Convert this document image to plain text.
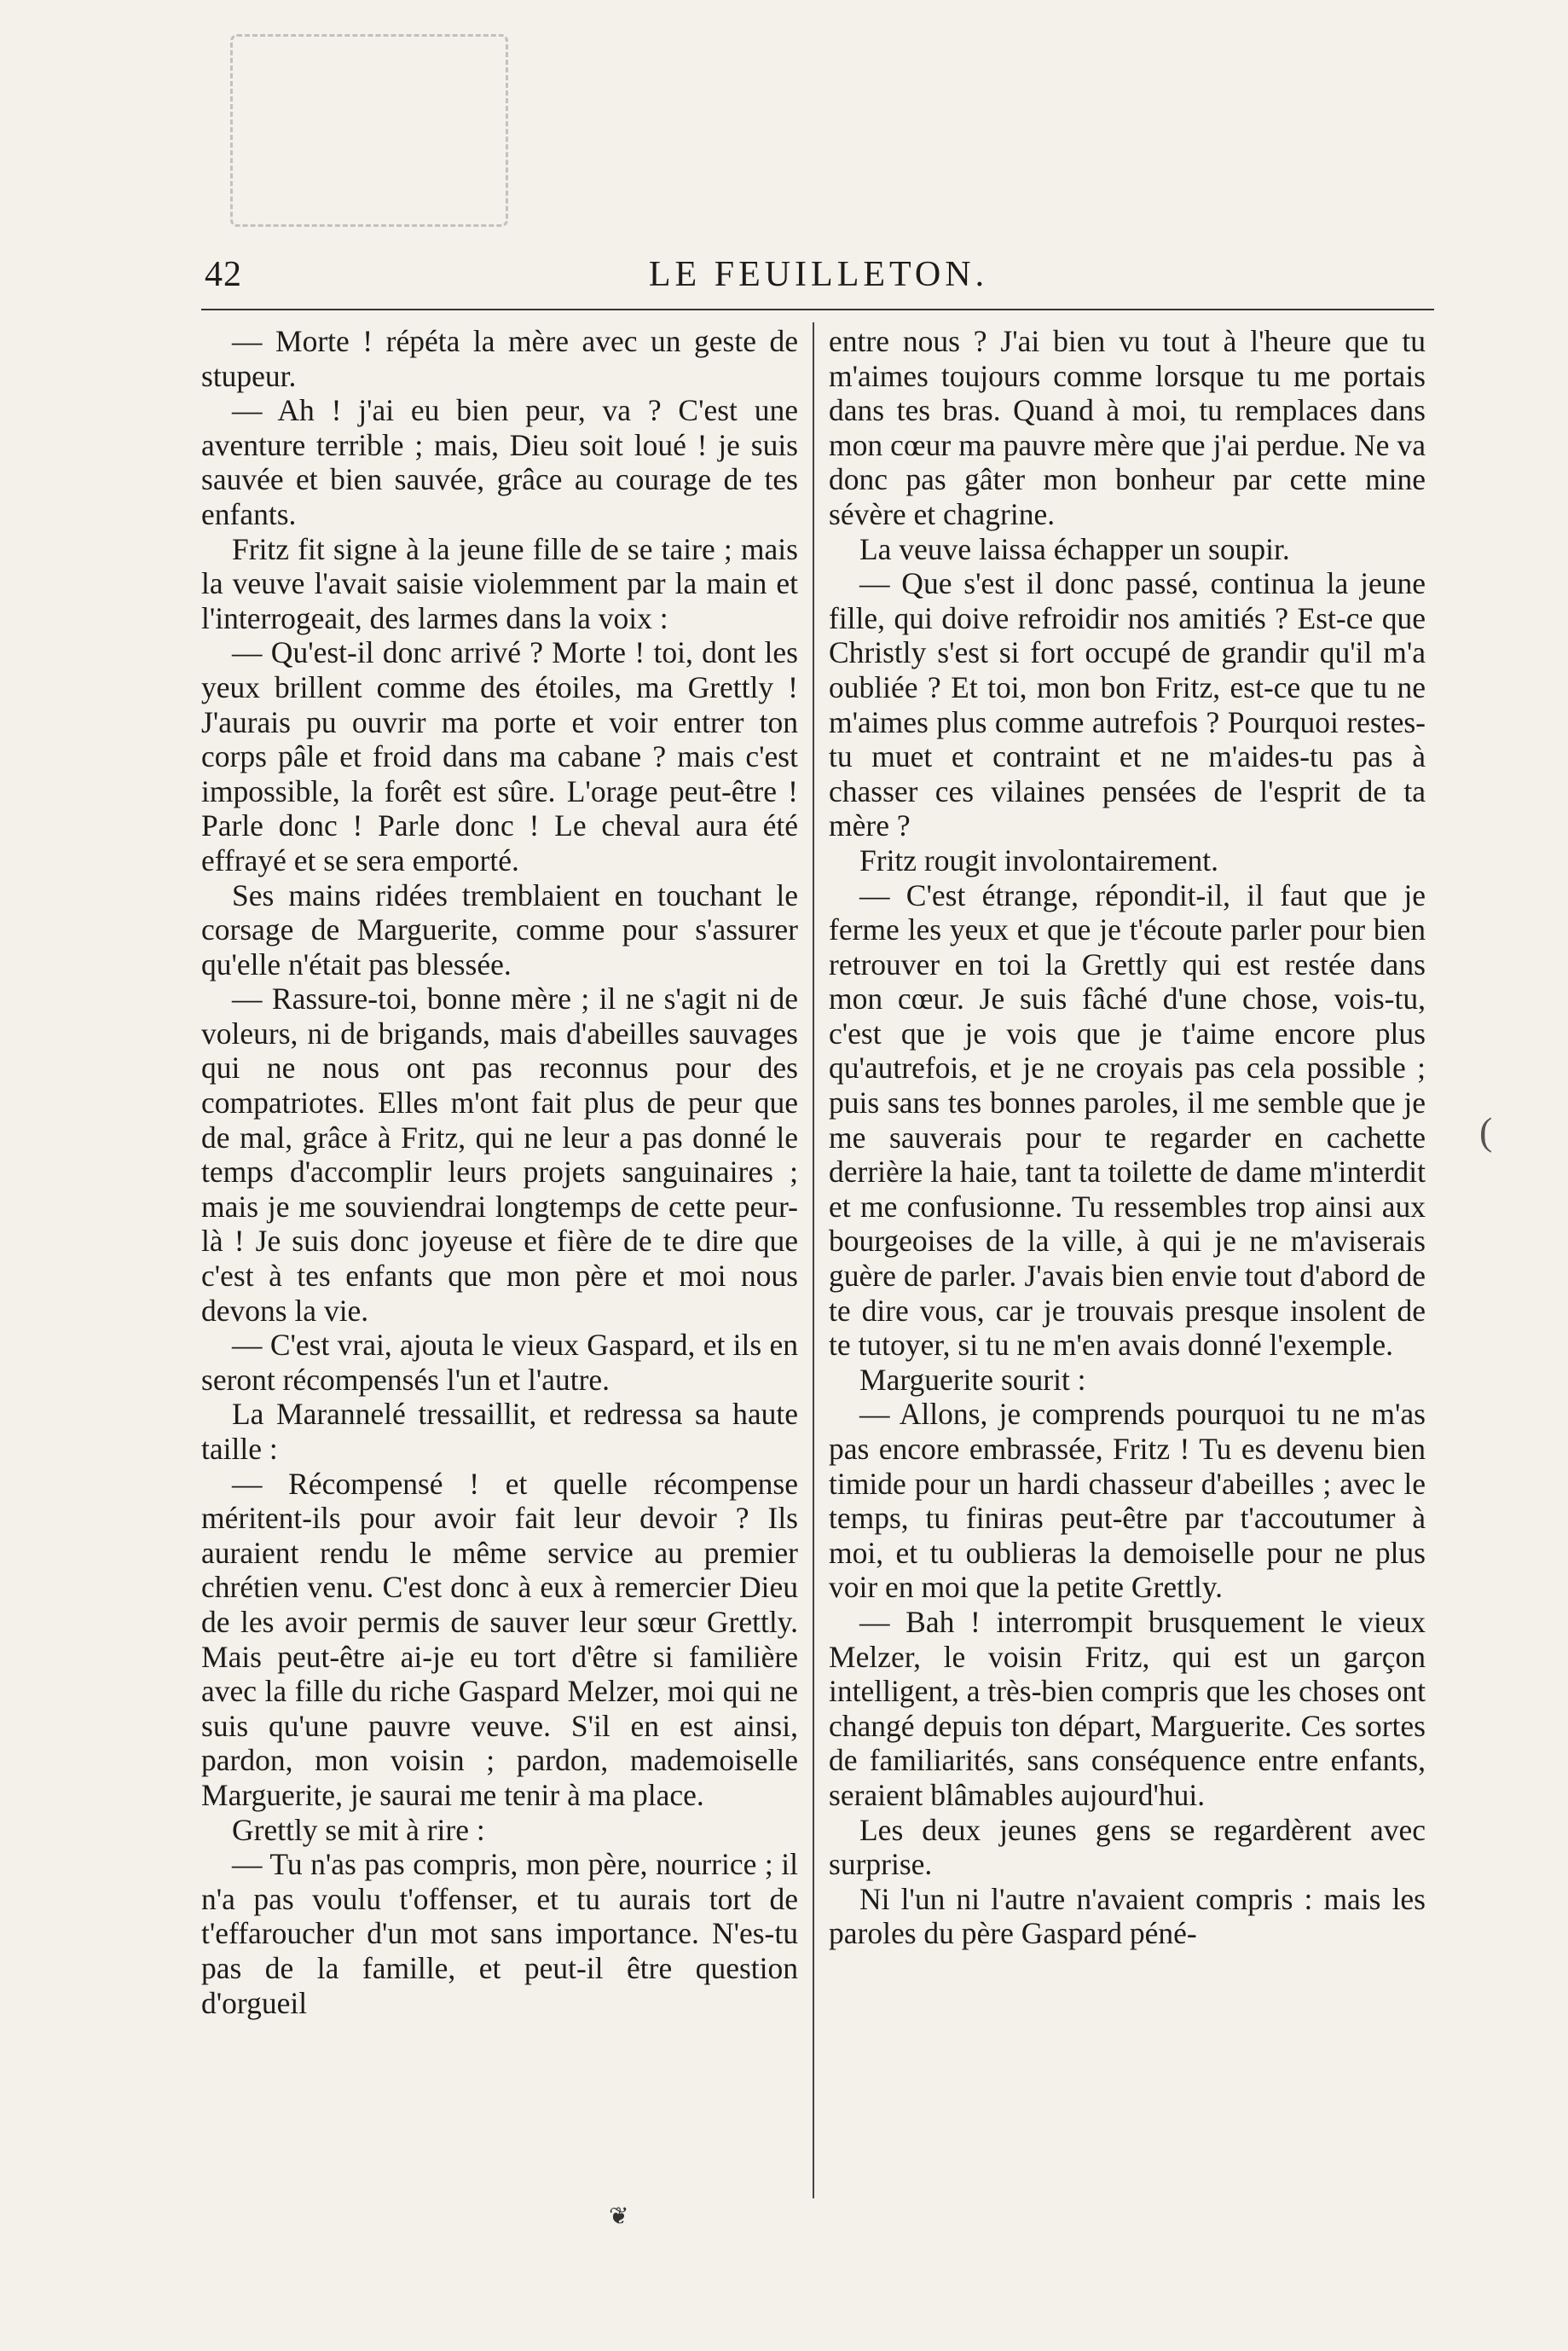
42	LE FEUILLETON.

— Morte ! répéta la mère avec un geste de stupeur.

— Ah ! j'ai eu bien peur, va ? C'est une aventure terrible ; mais, Dieu soit loué ! je suis sauvée et bien sauvée, grâce au courage de tes enfants.

Fritz fit signe à la jeune fille de se taire ; mais la veuve l'avait saisie violemment par la main et l'interrogeait, des larmes dans la voix :

— Qu'est-il donc arrivé ? Morte ! toi, dont les yeux brillent comme des étoiles, ma Grettly ! J'aurais pu ouvrir ma porte et voir entrer ton corps pâle et froid dans ma cabane ? mais c'est impossible, la forêt est sûre. L'orage peut-être ! Parle donc ! Parle donc ! Le cheval aura été effrayé et se sera emporté.

Ses mains ridées tremblaient en touchant le corsage de Marguerite, comme pour s'assurer qu'elle n'était pas blessée.

— Rassure-toi, bonne mère ; il ne s'agit ni de voleurs, ni de brigands, mais d'abeilles sauvages qui ne nous ont pas reconnus pour des compatriotes. Elles m'ont fait plus de peur que de mal, grâce à Fritz, qui ne leur a pas donné le temps d'accomplir leurs projets sanguinaires ; mais je me souviendrai longtemps de cette peur-là ! Je suis donc joyeuse et fière de te dire que c'est à tes enfants que mon père et moi nous devons la vie.

— C'est vrai, ajouta le vieux Gaspard, et ils en seront récompensés l'un et l'autre.

La Marannelé tressaillit, et redressa sa haute taille :

— Récompensé ! et quelle récompense méritent-ils pour avoir fait leur devoir ? Ils auraient rendu le même service au premier chrétien venu. C'est donc à eux à remercier Dieu de les avoir permis de sauver leur sœur Grettly. Mais peut-être ai-je eu tort d'être si familière avec la fille du riche Gaspard Melzer, moi qui ne suis qu'une pauvre veuve. S'il en est ainsi, pardon, mon voisin ; pardon, mademoiselle Marguerite, je saurai me tenir à ma place.

Grettly se mit à rire :

— Tu n'as pas compris, mon père, nourrice ; il n'a pas voulu t'offenser, et tu aurais tort de t'effaroucher d'un mot sans importance. N'es-tu pas de la famille, et peut-il être question d'orgueil

entre nous ? J'ai bien vu tout à l'heure que tu m'aimes toujours comme lorsque tu me portais dans tes bras. Quand à moi, tu remplaces dans mon cœur ma pauvre mère que j'ai perdue. Ne va donc pas gâter mon bonheur par cette mine sévère et chagrine.

La veuve laissa échapper un soupir.

— Que s'est il donc passé, continua la jeune fille, qui doive refroidir nos amitiés ? Est-ce que Christly s'est si fort occupé de grandir qu'il m'a oubliée ? Et toi, mon bon Fritz, est-ce que tu ne m'aimes plus comme autrefois ? Pourquoi restes-tu muet et contraint et ne m'aides-tu pas à chasser ces vilaines pensées de l'esprit de ta mère ?

Fritz rougit involontairement.

— C'est étrange, répondit-il, il faut que je ferme les yeux et que je t'écoute parler pour bien retrouver en toi la Grettly qui est restée dans mon cœur. Je suis fâché d'une chose, vois-tu, c'est que je vois que je t'aime encore plus qu'autrefois, et je ne croyais pas cela possible ; puis sans tes bonnes paroles, il me semble que je me sauverais pour te regarder en cachette derrière la haie, tant ta toilette de dame m'interdit et me confusionne. Tu ressembles trop ainsi aux bourgeoises de la ville, à qui je ne m'aviserais guère de parler. J'avais bien envie tout d'abord de te dire vous, car je trouvais presque insolent de te tutoyer, si tu ne m'en avais donné l'exemple.

Marguerite sourit :

— Allons, je comprends pourquoi tu ne m'as pas encore embrassée, Fritz ! Tu es devenu bien timide pour un hardi chasseur d'abeilles ; avec le temps, tu finiras peut-être par t'accoutumer à moi, et tu oublieras la demoiselle pour ne plus voir en moi que la petite Grettly.

— Bah ! interrompit brusquement le vieux Melzer, le voisin Fritz, qui est un garçon intelligent, a très-bien compris que les choses ont changé depuis ton départ, Marguerite. Ces sortes de familiarités, sans conséquence entre enfants, seraient blâmables aujourd'hui.

Les deux jeunes gens se regardèrent avec surprise.

Ni l'un ni l'autre n'avaient compris : mais les paroles du père Gaspard péné-

❦
(
